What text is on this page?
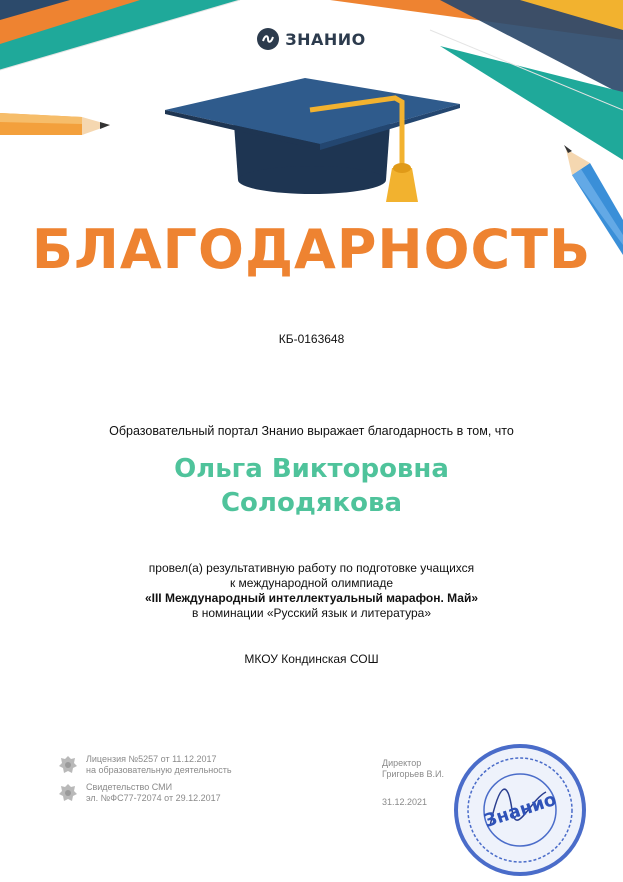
ЗНАНИО
БЛАГОДАРНОСТЬ
КБ-0163648
Образовательный портал Знанио выражает благодарность в том, что
Ольга Викторовна
Солодякова
провел(а) результативную работу по подготовке учащихся
к международной олимпиаде
«III Международный интеллектуальный марафон. Май»
в номинации «Русский язык и литература»
МКОУ Кондинская СОШ
Лицензия №5257 от 11.12.2017
на образовательную деятельность
Свидетельство СМИ
эл. №ФС77-72074 от 29.12.2017
Директор
Григорьев В.И.
31.12.2021	Знанио
